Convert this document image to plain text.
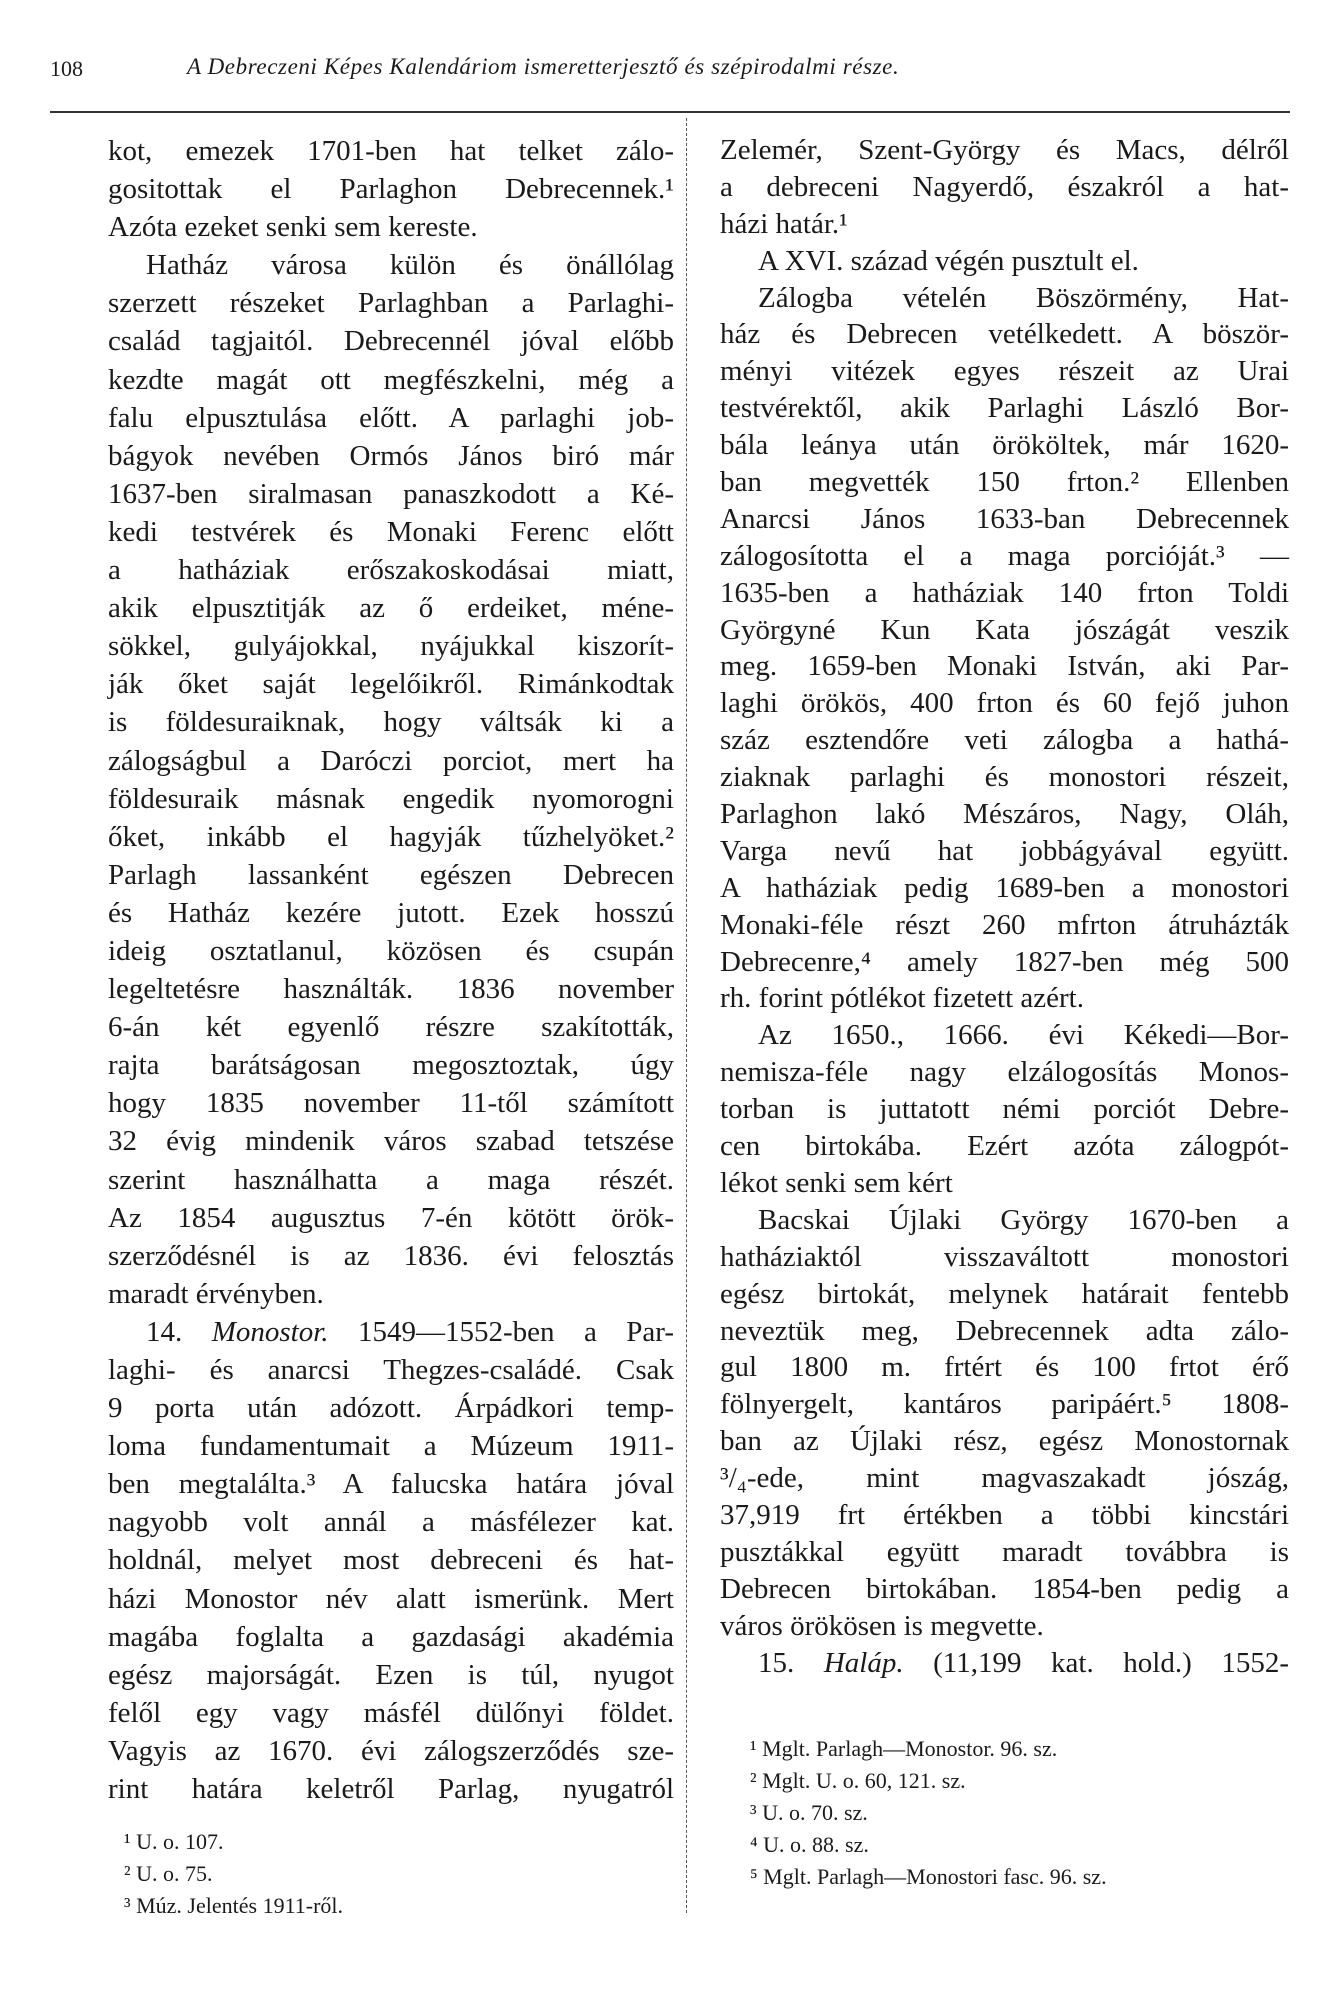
108	A Debreczeni Képes Kalendáriom ismeretterjesztő és szépirodalmi része.
kot, emezek 1701-ben hat telket zálo-
gositottak el Parlaghon Debrecennek.¹
Azóta ezeket senki sem kereste.
Hatház városa külön és önállólag
szerzett részeket Parlaghban a Parlaghi-
család tagjaitól. Debrecennél jóval előbb
kezdte magát ott megfészkelni, még a
falu elpusztulása előtt. A parlaghi job-
bágyok nevében Ormós János biró már
1637-ben siralmasan panaszkodott a Ké-
kedi testvérek és Monaki Ferenc előtt
a hatháziak erőszakoskodásai miatt,
akik elpusztitják az ő erdeiket, méne-
sökkel, gulyájokkal, nyájukkal kiszorít-
ják őket saját legelőikről. Rimánkodtak
is földesuraiknak, hogy váltsák ki a
zálogságbul a Daróczi porciot, mert ha
földesuraik másnak engedik nyomorogni
őket, inkább el hagyják tűzhelyöket.²
Parlagh lassanként egészen Debrecen
és Hatház kezére jutott. Ezek hosszú
ideig osztatlanul, közösen és csupán
legeltetésre használták. 1836 november
6-án két egyenlő részre szakították,
rajta barátságosan megosztoztak, úgy
hogy 1835 november 11-től számított
32 évig mindenik város szabad tetszése
szerint használhatta a maga részét.
Az 1854 augusztus 7-én kötött örök-
szerződésnél is az 1836. évi felosztás
maradt érvényben.
14. Monostor. 1549—1552-ben a Par-
laghi- és anarcsi Thegzes-családé. Csak
9 porta után adózott. Árpádkori temp-
loma fundamentumait a Múzeum 1911-
ben megtalálta.³ A falucska határa jóval
nagyobb volt annál a másfélezer kat.
holdnál, melyet most debreceni és hat-
házi Monostor név alatt ismerünk. Mert
magába foglalta a gazdasági akadémia
egész majorságát. Ezen is túl, nyugot
felől egy vagy másfél dülőnyi földet.
Vagyis az 1670. évi zálogszerződés sze-
rint határa keletről Parlag, nyugatról
Zelemér, Szent-György és Macs, délről
a debreceni Nagyerdő, északról a hat-
házi határ.¹
A XVI. század végén pusztult el.
Zálogba vételén Böszörmény, Hat-
ház és Debrecen vetélkedett. A böször-
ményi vitézek egyes részeit az Urai
testvérektől, akik Parlaghi László Bor-
bála leánya után örököltek, már 1620-
ban megvették 150 frton.² Ellenben
Anarcsi János 1633-ban Debrecennek
zálogosította el a maga porcióját.³ —
1635-ben a hatháziak 140 frton Toldi
Györgyné Kun Kata jószágát veszik
meg. 1659-ben Monaki István, aki Par-
laghi örökös, 400 frton és 60 fejő juhon
száz esztendőre veti zálogba a hathá-
ziaknak parlaghi és monostori részeit,
Parlaghon lakó Mészáros, Nagy, Oláh,
Varga nevű hat jobbágyával együtt.
A hatháziak pedig 1689-ben a monostori
Monaki-féle részt 260 mfrton átruházták
Debrecenre,⁴ amely 1827-ben még 500
rh. forint pótlékot fizetett azért.
Az 1650., 1666. évi Kékedi—Bor-
nemisza-féle nagy elzálogosítás Monos-
torban is juttatott némi porciót Debre-
cen birtokába. Ezért azóta zálogpót-
lékot senki sem kért
Bacskai Újlaki György 1670-ben a
hatháziaktól visszaváltott monostori
egész birtokát, melynek határait fentebb
neveztük meg, Debrecennek adta zálo-
gul 1800 m. frtért és 100 frtot érő
fölnyergelt, kantáros paripáért.⁵ 1808-
ban az Újlaki rész, egész Monostornak
³/₄-ede, mint magvaszakadt jószág,
37,919 frt értékben a többi kincstári
pusztákkal együtt maradt továbbra is
Debrecen birtokában. 1854-ben pedig a
város örökösen is megvette.
15. Haláp. (11,199 kat. hold.) 1552-
¹ U. o. 107.
² U. o. 75.
³ Múz. Jelentés 1911-ről.
¹ Mglt. Parlagh—Monostor. 96. sz.
² Mglt. U. o. 60, 121. sz.
³ U. o. 70. sz.
⁴ U. o. 88. sz.
⁵ Mglt. Parlagh—Monostori fasc. 96. sz.
